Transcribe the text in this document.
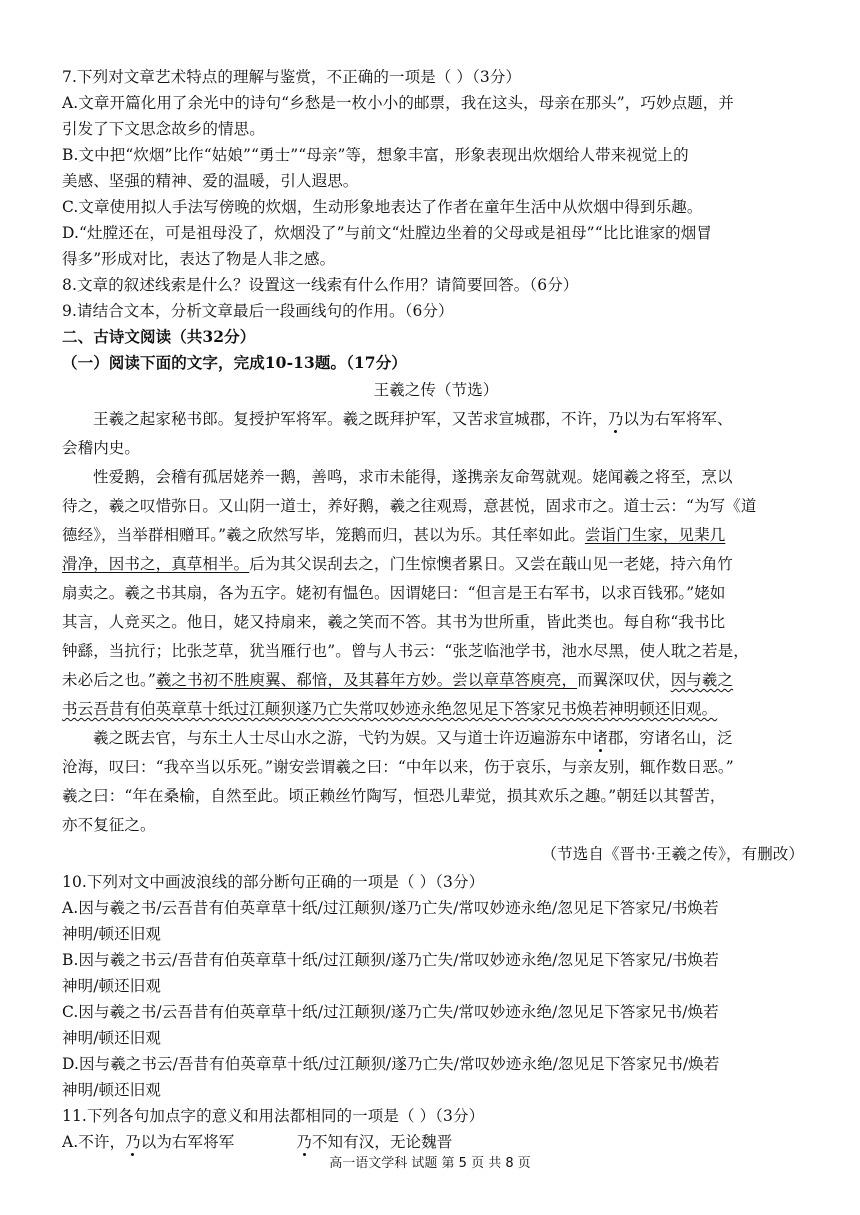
7.下列对文章艺术特点的理解与鉴赏，不正确的一项是（ ）（3分）
A.文章开篇化用了余光中的诗句“乡愁是一枚小小的邮票，我在这头，母亲在那头”，巧妙点题，并
引发了下文思念故乡的情思。
B.文中把“炊烟”比作“姑娘”“勇士”“母亲”等，想象丰富，形象表现出炊烟给人带来视觉上的
美感、坚强的精神、爱的温暖，引人遐思。
C.文章使用拟人手法写傍晚的炊烟，生动形象地表达了作者在童年生活中从炊烟中得到乐趣。
D.“灶膛还在，可是祖母没了，炊烟没了”与前文“灶膛边坐着的父母或是祖母”“比比谁家的烟冒
得多”形成对比，表达了物是人非之感。
8.文章的叙述线索是什么？设置这一线索有什么作用？请简要回答。（6分）
9.请结合文本，分析文章最后一段画线句的作用。（6分）
二、古诗文阅读（共32分）
（一）阅读下面的文字，完成10-13题。（17分）
王羲之传（节选）
王羲之起家秘书郎。复授护军将军。羲之既拜护军，又苦求宣城郡，不许，乃以为右军将军、
会稽内史。
性爱鹅，会稽有孤居姥养一鹅，善鸣，求市未能得，遂携亲友命驾就观。姥闻羲之将至，烹以
待之，羲之叹惜弥日。又山阴一道士，养好鹅，羲之往观焉，意甚悦，固求市之。道士云：“为写《道
德经》，当举群相赠耳。”羲之欣然写毕，笼鹅而归，甚以为乐。其任率如此。尝诣门生家，见棐几
滑净，因书之，真草相半。后为其父误刮去之，门生惊懊者累日。又尝在蕺山见一老姥，持六角竹
扇卖之。羲之书其扇，各为五字。姥初有愠色。因谓姥曰：“但言是王右军书，以求百钱邪。”姥如
其言，人竞买之。他日，姥又持扇来，羲之笑而不答。其书为世所重，皆此类也。每自称“我书比
钟繇，当抗行；比张芝草，犹当雁行也”。曾与人书云：“张芝临池学书，池水尽黑，使人耽之若是，
未必后之也。”羲之书初不胜庾翼、郗愔，及其暮年方妙。尝以章草答庾亮，而翼深叹伏，因与羲之
书云吾昔有伯英章草十纸过江颠狈遂乃亡失常叹妙迹永绝忽见足下答家兄书焕若神明顿还旧观。
羲之既去官，与东土人士尽山水之游，弋钓为娱。又与道士许迈遍游东中诸郡，穷诸名山，泛
沧海，叹曰：“我卒当以乐死。”谢安尝谓羲之曰：“中年以来，伤于哀乐，与亲友别，辄作数日恶。”
羲之曰：“年在桑榆，自然至此。顷正赖丝竹陶写，恒恐儿辈觉，损其欢乐之趣。”朝廷以其誓苦，
亦不复征之。
（节选自《晋书·王羲之传》，有删改）
10.下列对文中画波浪线的部分断句正确的一项是（ ）（3分）
A.因与羲之书/云吾昔有伯英章草十纸/过江颠狈/遂乃亡失/常叹妙迹永绝/忽见足下答家兄/书焕若
神明/顿还旧观
B.因与羲之书云/吾昔有伯英章草十纸/过江颠狈/遂乃亡失/常叹妙迹永绝/忽见足下答家兄/书焕若
神明/顿还旧观
C.因与羲之书/云吾昔有伯英章草十纸/过江颠狈/遂乃亡失/常叹妙迹永绝/忽见足下答家兄书/焕若
神明/顿还旧观
D.因与羲之书云/吾昔有伯英章草十纸/过江颠狈/遂乃亡失/常叹妙迹永绝/忽见足下答家兄书/焕若
神明/顿还旧观
11.下列各句加点字的意义和用法都相同的一项是（ ）（3分）
A.不许，乃以为右军将军	乃不知有汉，无论魏晋
高一语文学科 试题 第 5 页 共 8 页
